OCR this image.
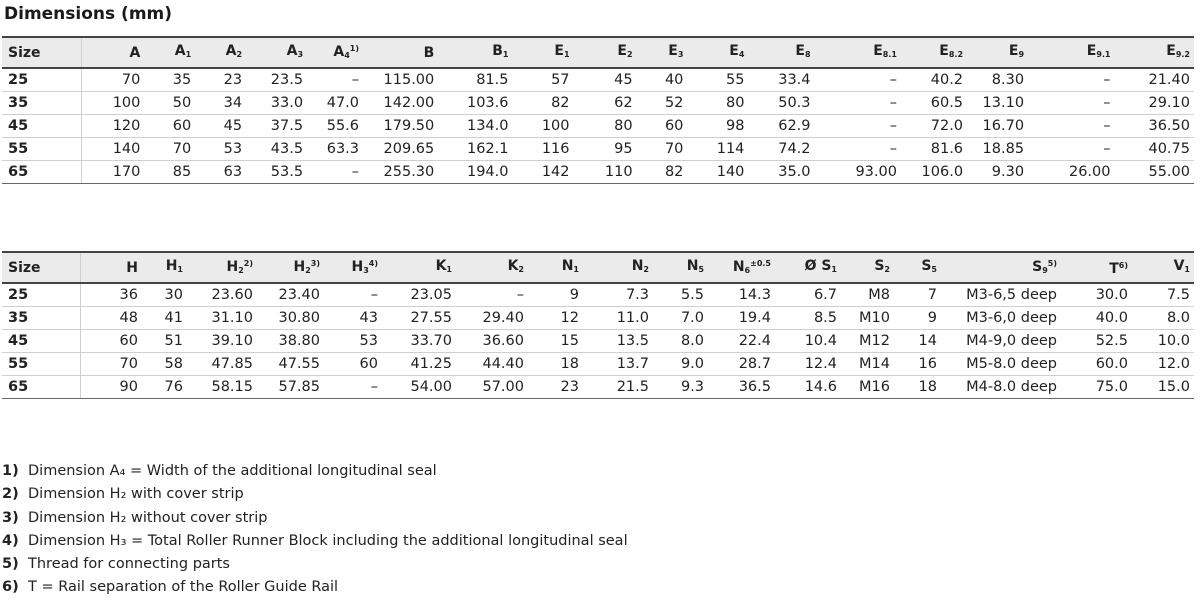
Dimensions (mm)
Size	A	$A_1$	$A_2$	$A_3$	$A_4^{1)}$	B	$B_1$	$E_1$	$E_2$	$E_3$	$E_4$	$E_8$	$E_{8.1}$	$E_{8.2}$	$E_9$	$E_{9.1}$	$E_{9.2}$
25	70	35	23	23.5	–	115.00	81.5	57	45	40	55	33.4	–	40.2	8.30	–	21.40
35	100	50	34	33.0	47.0	142.00	103.6	82	62	52	80	50.3	–	60.5	13.10	–	29.10
45	120	60	45	37.5	55.6	179.50	134.0	100	80	60	98	62.9	–	72.0	16.70	–	36.50
55	140	70	53	43.5	63.3	209.65	162.1	116	95	70	114	74.2	–	81.6	18.85	–	40.75
65	170	85	63	53.5	–	255.30	194.0	142	110	82	140	35.0	93.00	106.0	9.30	26.00	55.00
Size	H	$H_1$	$H_2^{2)}$	$H_2^{3)}$	$H_3^{4)}$	$K_1$	$K_2$	$N_1$	$N_2$	$N_5$	$N_6^{\pm 0.5}$	Ø $S_1$	$S_2$	$S_5$	$S_9^{5)}$	$T^{6)}$	$V_1$
25	36	30	23.60	23.40	–	23.05	–	9	7.3	5.5	14.3	6.7	M8	7	M3-6,5 deep	30.0	7.5
35	48	41	31.10	30.80	43	27.55	29.40	12	11.0	7.0	19.4	8.5	M10	9	M3-6,0 deep	40.0	8.0
45	60	51	39.10	38.80	53	33.70	36.60	15	13.5	8.0	22.4	10.4	M12	14	M4-9,0 deep	52.5	10.0
55	70	58	47.85	47.55	60	41.25	44.40	18	13.7	9.0	28.7	12.4	M14	16	M5-8.0 deep	60.0	12.0
65	90	76	58.15	57.85	–	54.00	57.00	23	21.5	9.3	36.5	14.6	M16	18	M4-8.0 deep	75.0	15.0
1) Dimension A₄ = Width of the additional longitudinal seal
2) Dimension H₂ with cover strip
3) Dimension H₂ without cover strip
4) Dimension H₃ = Total Roller Runner Block including the additional longitudinal seal
5) Thread for connecting parts
6) T = Rail separation of the Roller Guide Rail
